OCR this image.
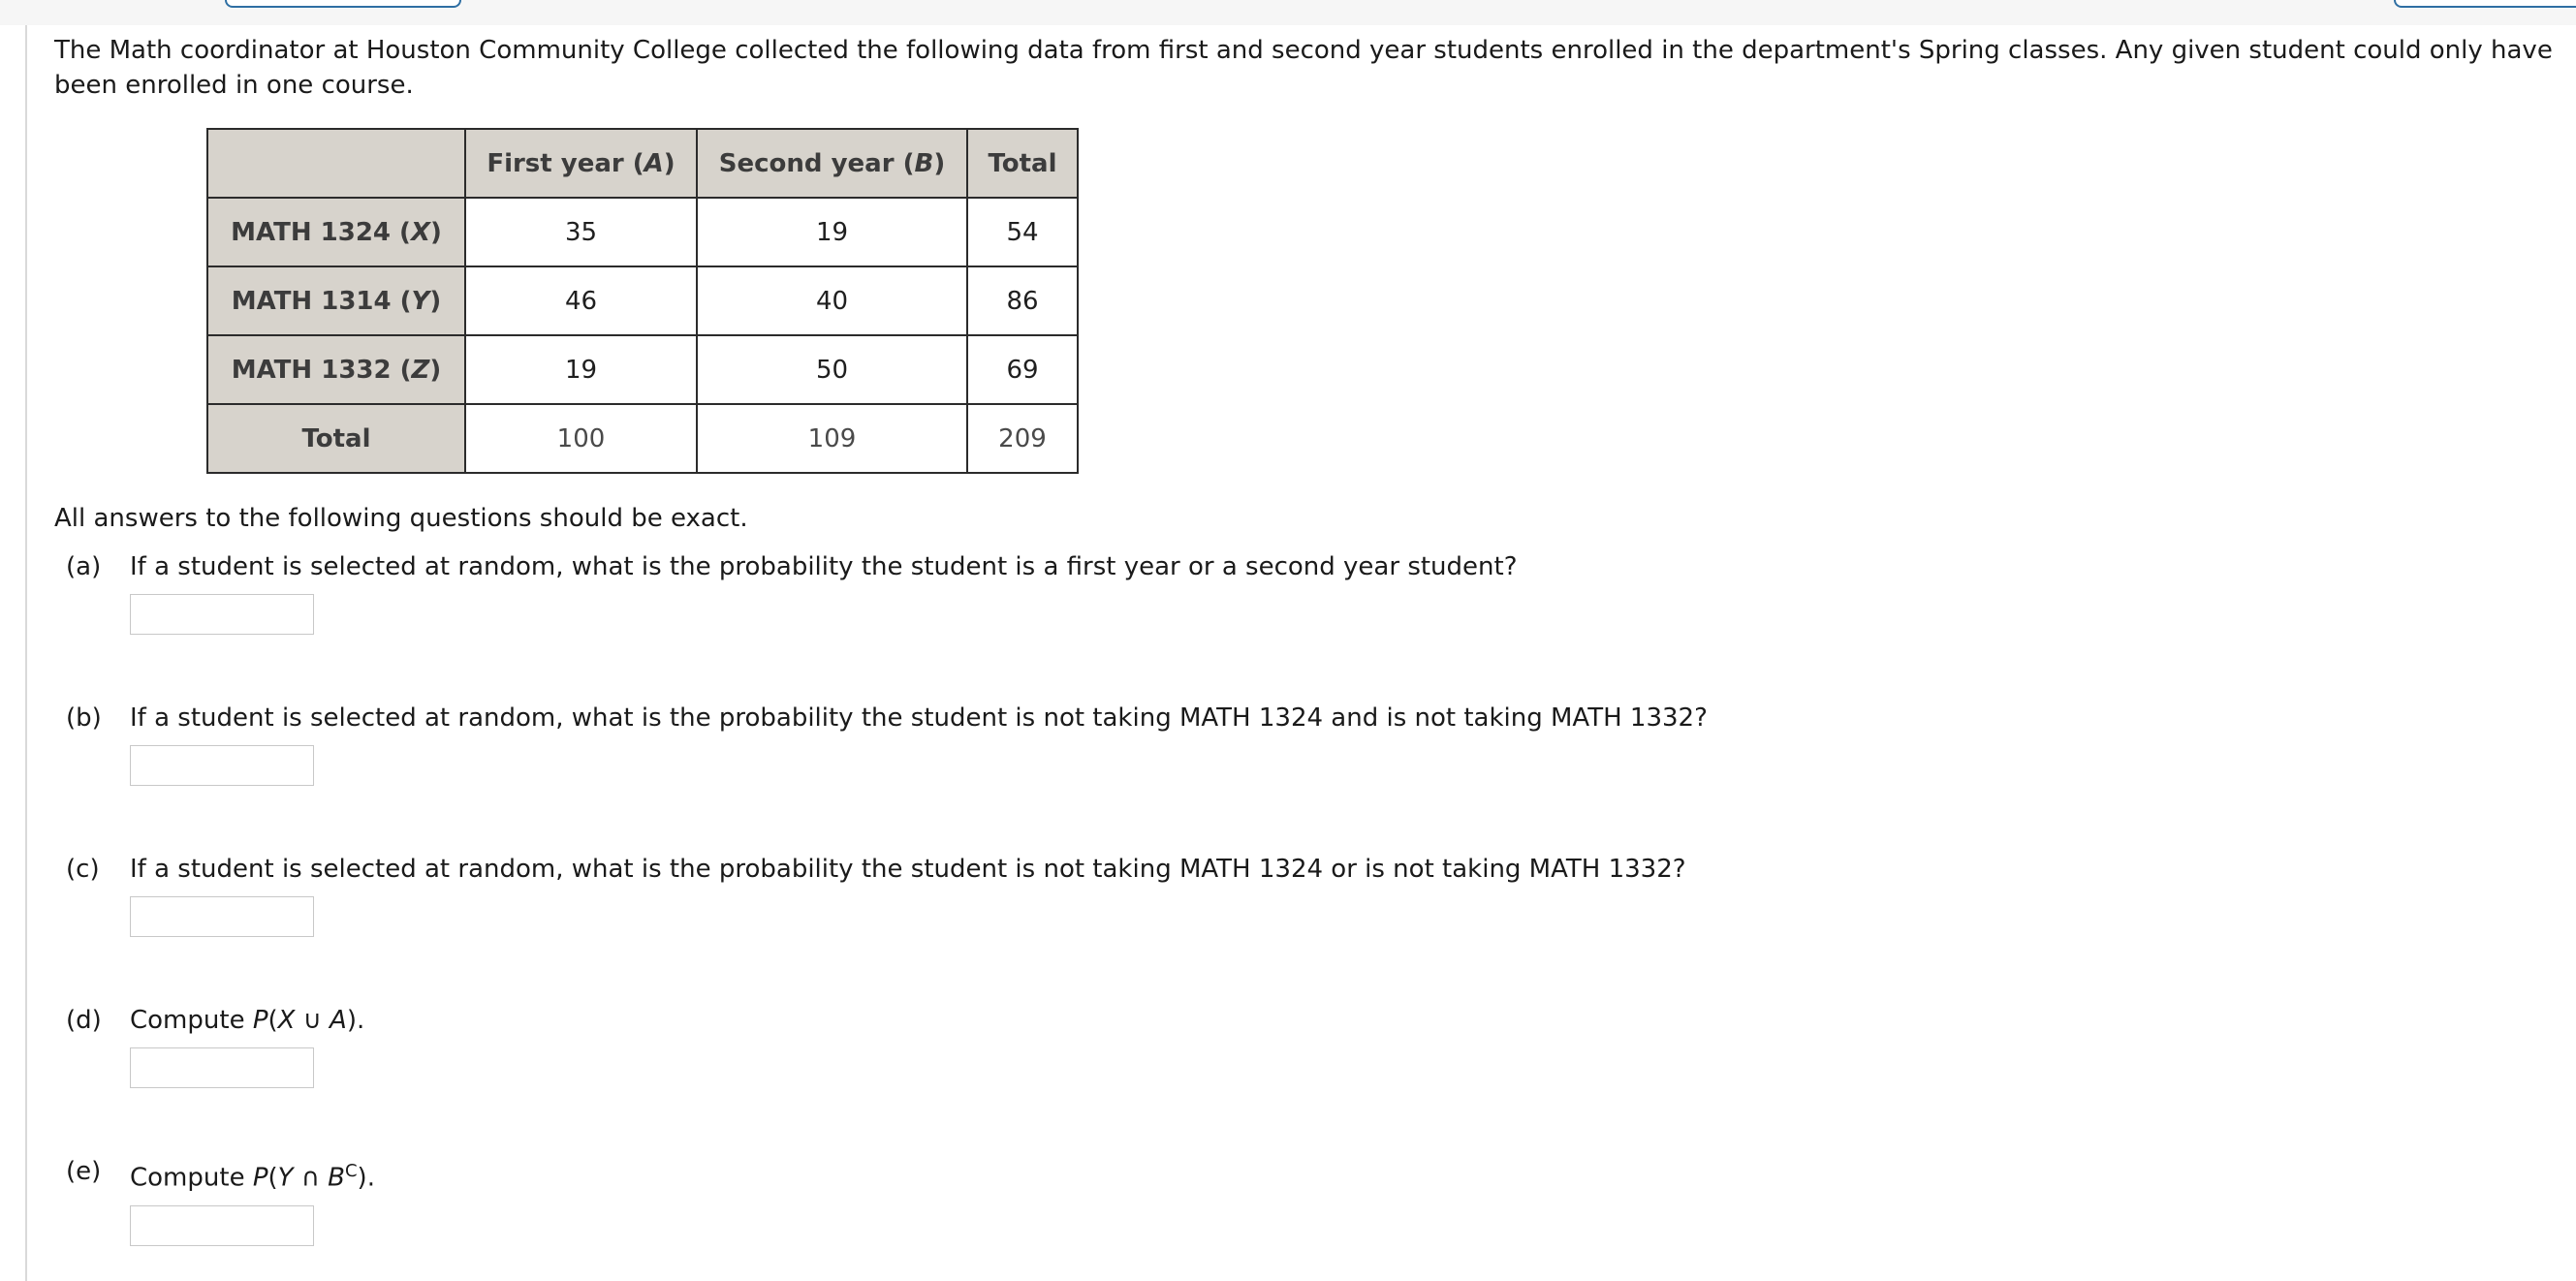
The Math coordinator at Houston Community College collected the following data from first and second year students enrolled in the department's Spring classes. Any given student could only have been enrolled in one course.

	First year (A)	Second year (B)	Total
MATH 1324 (X)	35	19	54
MATH 1314 (Y)	46	40	86
MATH 1332 (Z)	19	50	69
Total	100	109	209

All answers to the following questions should be exact.

(a)	If a student is selected at random, what is the probability the student is a first year or a second year student?
(b)	If a student is selected at random, what is the probability the student is not taking MATH 1324 and is not taking MATH 1332?
(c)	If a student is selected at random, what is the probability the student is not taking MATH 1324 or is not taking MATH 1332?
(d)	Compute P(X ∪ A).
(e)	Compute P(Y ∩ $B^C$).
